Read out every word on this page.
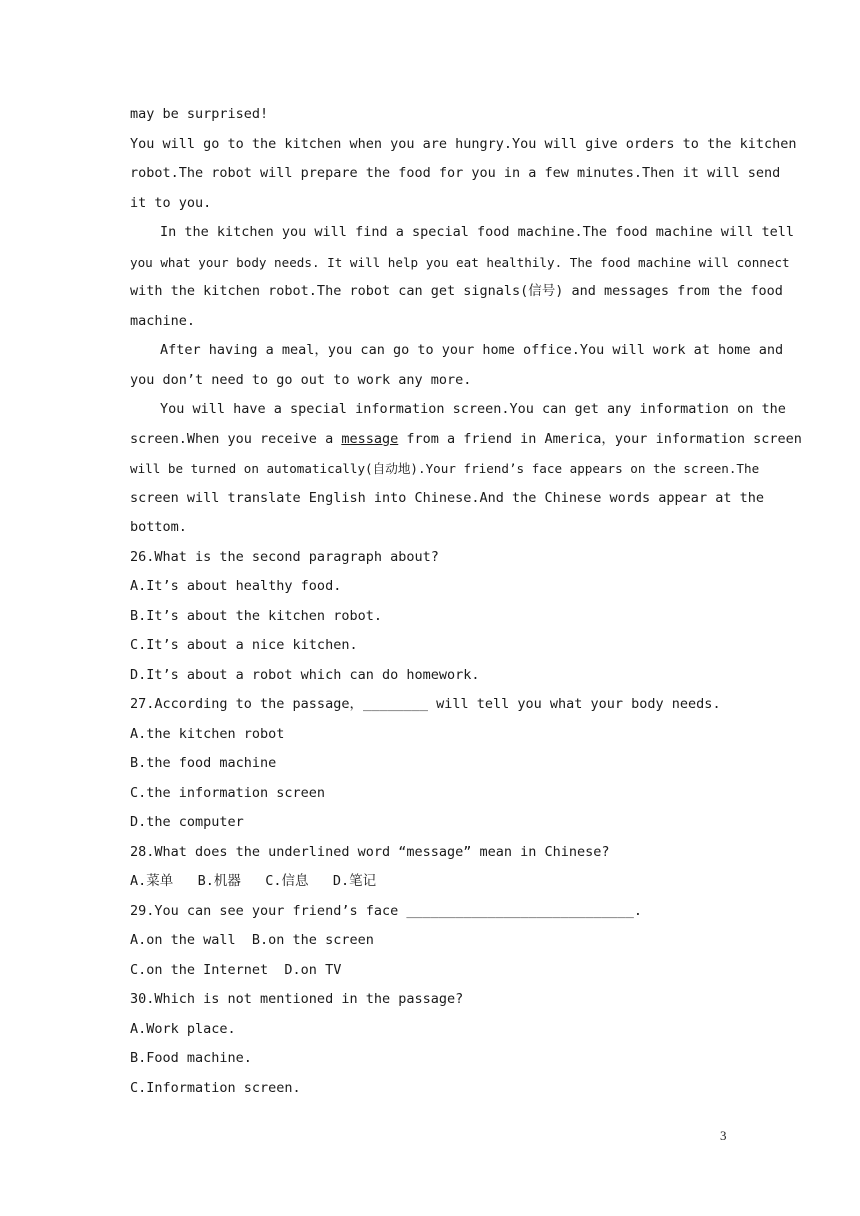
may be surprised!
You will go to the kitchen when you are hungry.You will give orders to the kitchen
robot.The robot will prepare the food for you in a few minutes.Then it will send
it to you.
In the kitchen you will find a special food machine.The food machine will tell
you what your body needs. It will help you eat healthily. The food machine will connect
with the kitchen robot.The robot can get signals(信号) and messages from the food
machine.
After having a meal，you can go to your home office.You will work at home and
you don’t need to go out to work any more.
You will have a special information screen.You can get any information on the
screen.When you receive a message from a friend in America，your information screen
will be turned on automatically(自动地).Your friend’s face appears on the screen.The
screen will translate English into Chinese.And the Chinese words appear at the
bottom.
26.What is the second paragraph about?
A.It’s about healthy food.
B.It’s about the kitchen robot.
C.It’s about a nice kitchen.
D.It’s about a robot which can do homework.
27.According to the passage，________ will tell you what your body needs.
A.the kitchen robot
B.the food machine
C.the information screen
D.the computer
28.What does the underlined word “message” mean in Chinese?
A.菜单   B.机器   C.信息   D.笔记
29.You can see your friend’s face ____________________________.
A.on the wall  B.on the screen
C.on the Internet  D.on TV
30.Which is not mentioned in the passage?
A.Work place.
B.Food machine.
C.Information screen.
3
